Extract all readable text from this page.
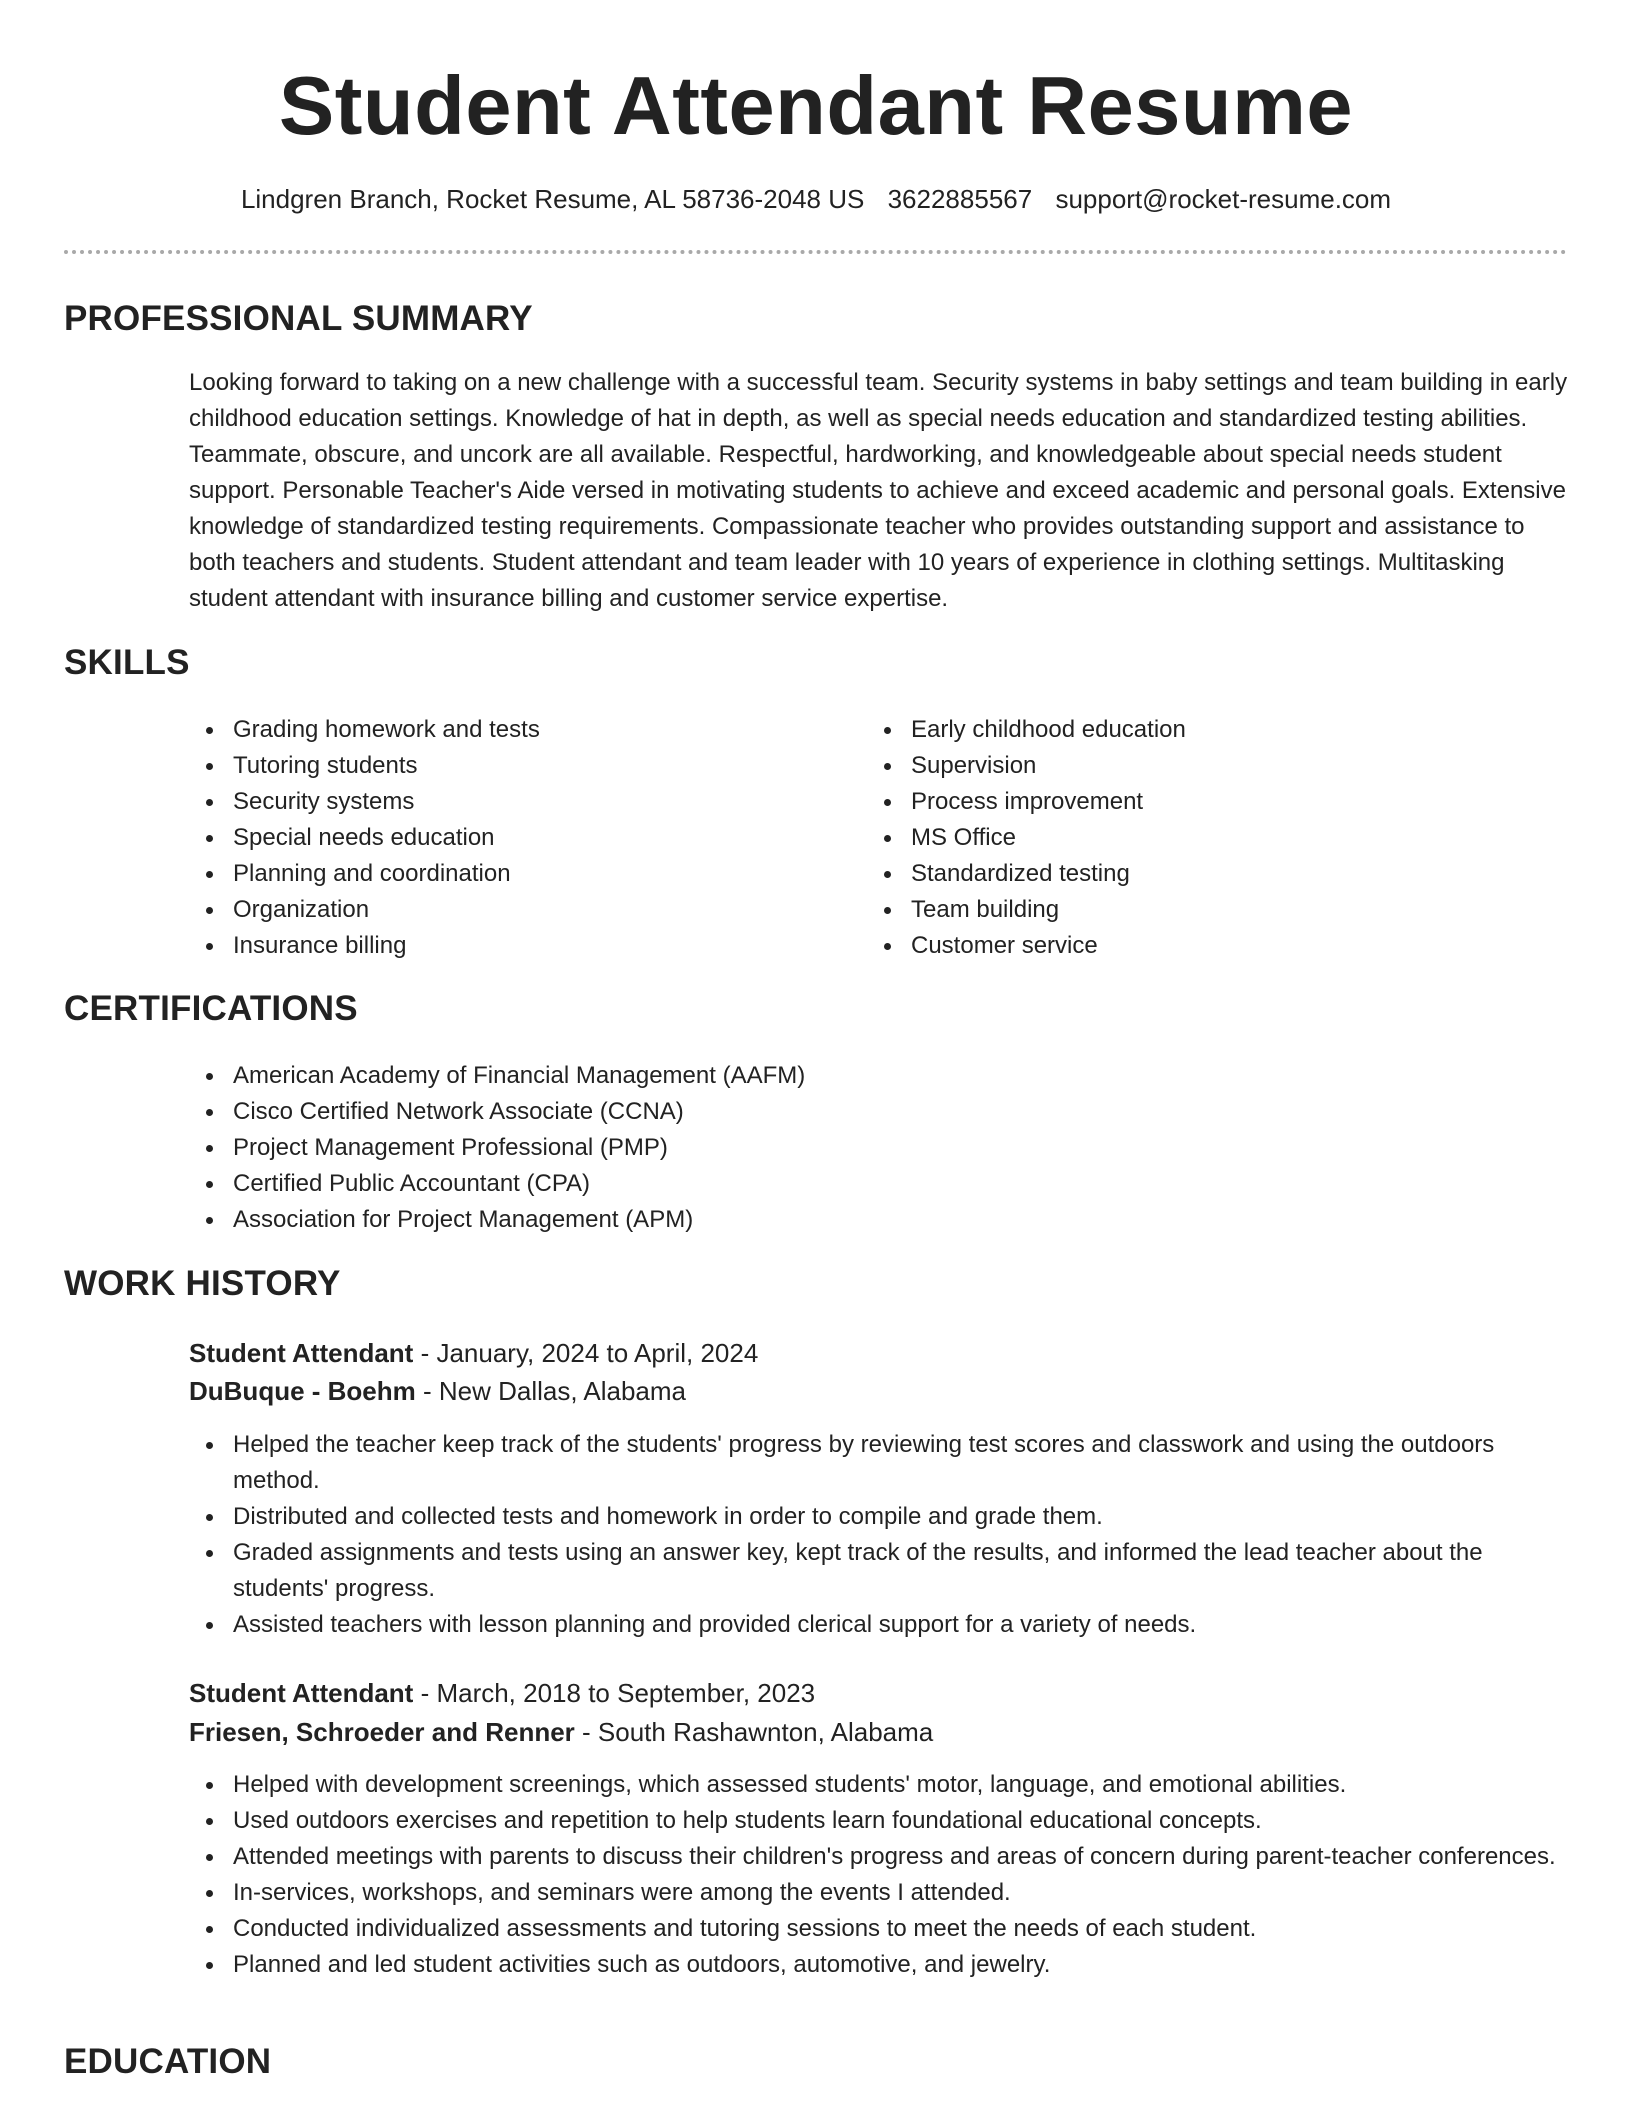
Student Attendant Resume
Lindgren Branch, Rocket Resume, AL 58736-2048 US 3622885567 support@rocket-resume.com
PROFESSIONAL SUMMARY

Looking forward to taking on a new challenge with a successful team. Security systems in baby settings and team building in early childhood education settings. Knowledge of hat in depth, as well as special needs education and standardized testing abilities. Teammate, obscure, and uncork are all available. Respectful, hardworking, and knowledgeable about special needs student support. Personable Teacher's Aide versed in motivating students to achieve and exceed academic and personal goals. Extensive knowledge of standardized testing requirements. Compassionate teacher who provides outstanding support and assistance to both teachers and students. Student attendant and team leader with 10 years of experience in clothing settings. Multitasking student attendant with insurance billing and customer service expertise.

SKILLS
Grading homework and tests
Tutoring students
Security systems
Special needs education
Planning and coordination
Organization
Insurance billing
Early childhood education
Supervision
Process improvement
MS Office
Standardized testing
Team building
Customer service
CERTIFICATIONS
American Academy of Financial Management (AAFM)
Cisco Certified Network Associate (CCNA)
Project Management Professional (PMP)
Certified Public Accountant (CPA)
Association for Project Management (APM)
WORK HISTORY
Student Attendant - January, 2024 to April, 2024
DuBuque - Boehm - New Dallas, Alabama
Helped the teacher keep track of the students' progress by reviewing test scores and classwork and using the outdoors method.
Distributed and collected tests and homework in order to compile and grade them.
Graded assignments and tests using an answer key, kept track of the results, and informed the lead teacher about the students' progress.
Assisted teachers with lesson planning and provided clerical support for a variety of needs.
Student Attendant - March, 2018 to September, 2023
Friesen, Schroeder and Renner - South Rashawnton, Alabama
Helped with development screenings, which assessed students' motor, language, and emotional abilities.
Used outdoors exercises and repetition to help students learn foundational educational concepts.
Attended meetings with parents to discuss their children's progress and areas of concern during parent-teacher conferences.
In-services, workshops, and seminars were among the events I attended.
Conducted individualized assessments and tutoring sessions to meet the needs of each student.
Planned and led student activities such as outdoors, automotive, and jewelry.
EDUCATION
